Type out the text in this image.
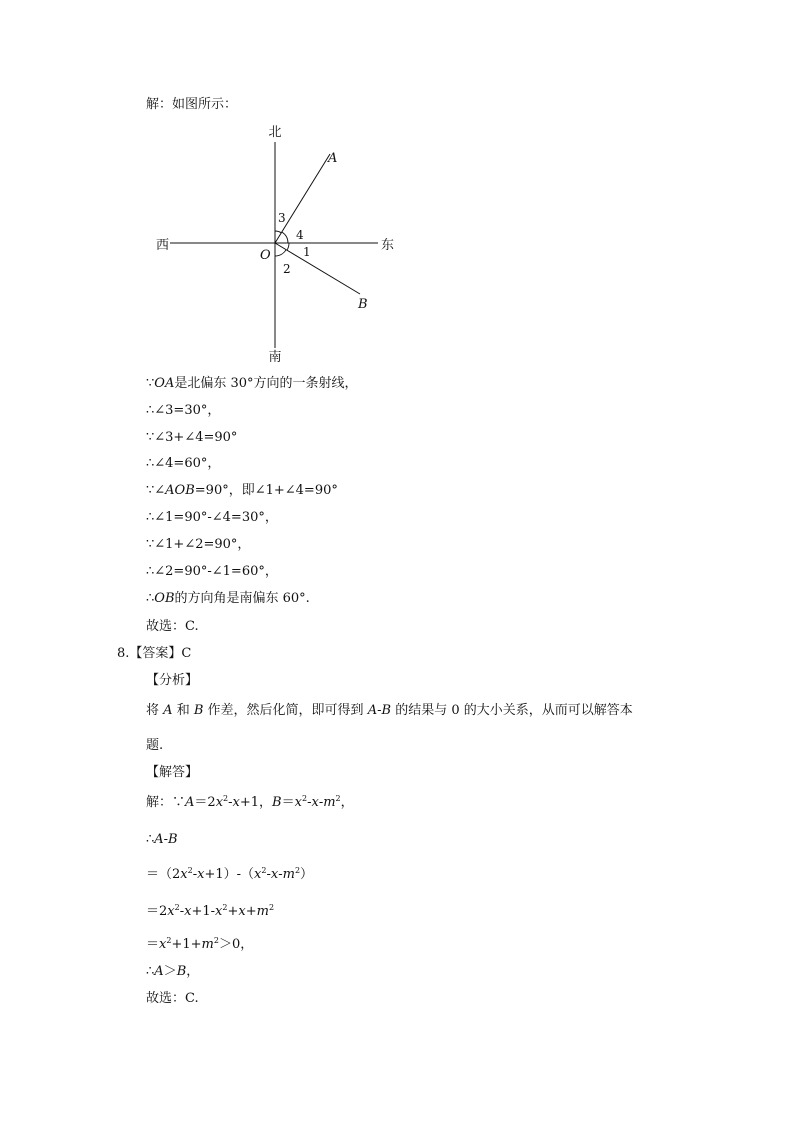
解：如图所示：
北
南
西	东
O
A
B
3
4
1
2
∵OA是北偏东 30°方向的一条射线，
∴∠3=30°，
∵∠3+∠4=90°
∴∠4=60°，
∵∠AOB=90°，即∠1+∠4=90°
∴∠1=90°-∠4=30°，
∵∠1+∠2=90°，
∴∠2=90°-∠1=60°，
∴OB的方向角是南偏东 60°.
故选：C.
8.【答案】C
【分析】
将 A 和 B 作差，然后化简，即可得到 A-B 的结果与 0 的大小关系，从而可以解答本
题.
【解答】
解：$\because A=2x^2-x+1$，$B=x^2-x-m^2$，
∴A-B
$=(2x^2-x+1)-(x^2-x-m^2)$
$=2x^2-x+1-x^2+x+m^2$
$=x^2+1+m^2>0$，
∴A＞B，
故选：C.
